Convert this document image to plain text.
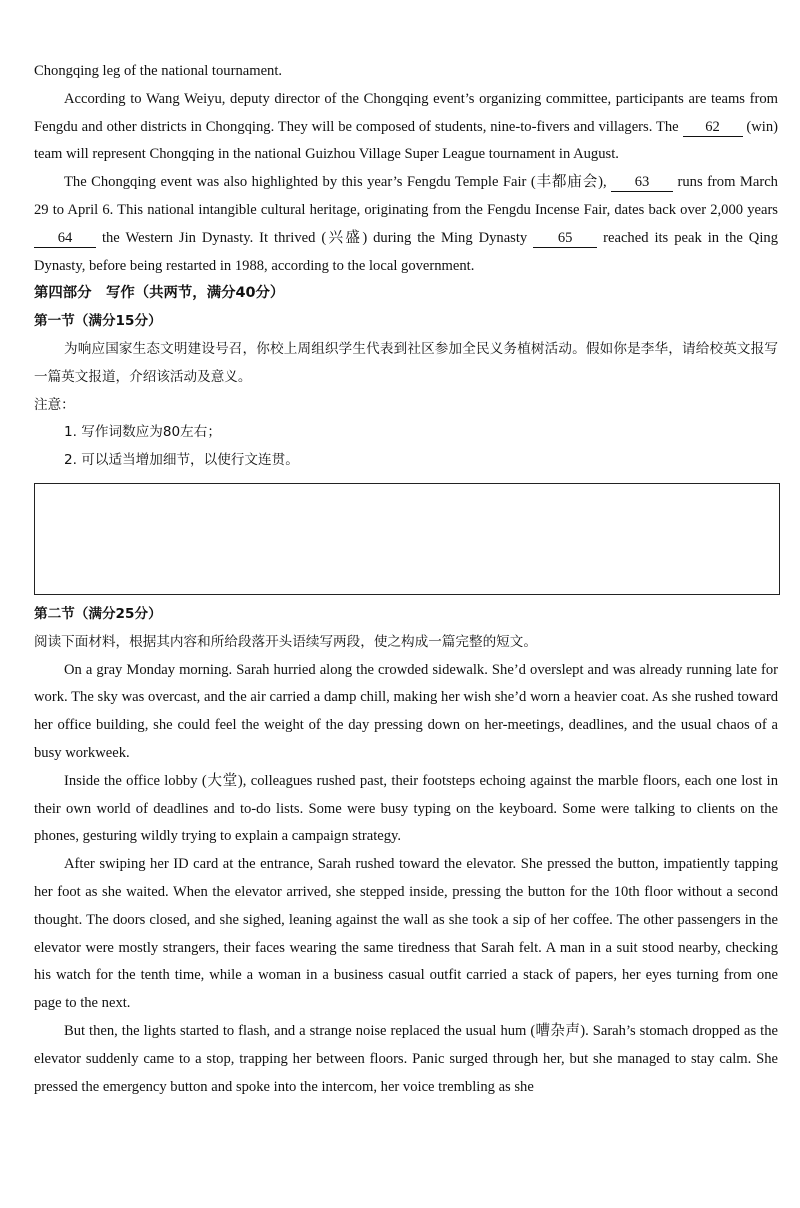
Chongqing leg of the national tournament.

According to Wang Weiyu, deputy director of the Chongqing event’s organizing committee, participants are teams from Fengdu and other districts in Chongqing. They will be composed of students, nine-to-fivers and villagers. The 62 (win) team will represent Chongqing in the national Guizhou Village Super League tournament in August.

The Chongqing event was also highlighted by this year’s Fengdu Temple Fair (丰都庙会), 63 runs from March 29 to April 6. This national intangible cultural heritage, originating from the Fengdu Incense Fair, dates back over 2,000 years 64 the Western Jin Dynasty. It thrived (兴盛) during the Ming Dynasty 65 reached its peak in the Qing Dynasty, before being restarted in 1988, according to the local government.

第四部分　写作（共两节，满分40分）

第一节（满分15分）

为响应国家生态文明建设号召，你校上周组织学生代表到社区参加全民义务植树活动。假如你是李华，请给校英文报写一篇英文报道，介绍该活动及意义。

注意：

1. 写作词数应为80左右；

2. 可以适当增加细节，以使行文连贯。

第二节（满分25分）

阅读下面材料，根据其内容和所给段落开头语续写两段，使之构成一篇完整的短文。

On a gray Monday morning. Sarah hurried along the crowded sidewalk. She’d overslept and was already running late for work. The sky was overcast, and the air carried a damp chill, making her wish she’d worn a heavier coat. As she rushed toward her office building, she could feel the weight of the day pressing down on her-meetings, deadlines, and the usual chaos of a busy workweek.

Inside the office lobby (大堂), colleagues rushed past, their footsteps echoing against the marble floors, each one lost in their own world of deadlines and to-do lists. Some were busy typing on the keyboard. Some were talking to clients on the phones, gesturing wildly trying to explain a campaign strategy.

After swiping her ID card at the entrance, Sarah rushed toward the elevator. She pressed the button, impatiently tapping her foot as she waited. When the elevator arrived, she stepped inside, pressing the button for the 10th floor without a second thought. The doors closed, and she sighed, leaning against the wall as she took a sip of her coffee. The other passengers in the elevator were mostly strangers, their faces wearing the same tiredness that Sarah felt. A man in a suit stood nearby, checking his watch for the tenth time, while a woman in a business casual outfit carried a stack of papers, her eyes turning from one page to the next.

But then, the lights started to flash, and a strange noise replaced the usual hum (嘈杂声). Sarah’s stomach dropped as the elevator suddenly came to a stop, trapping her between floors. Panic surged through her, but she managed to stay calm. She pressed the emergency button and spoke into the intercom, her voice trembling as she
